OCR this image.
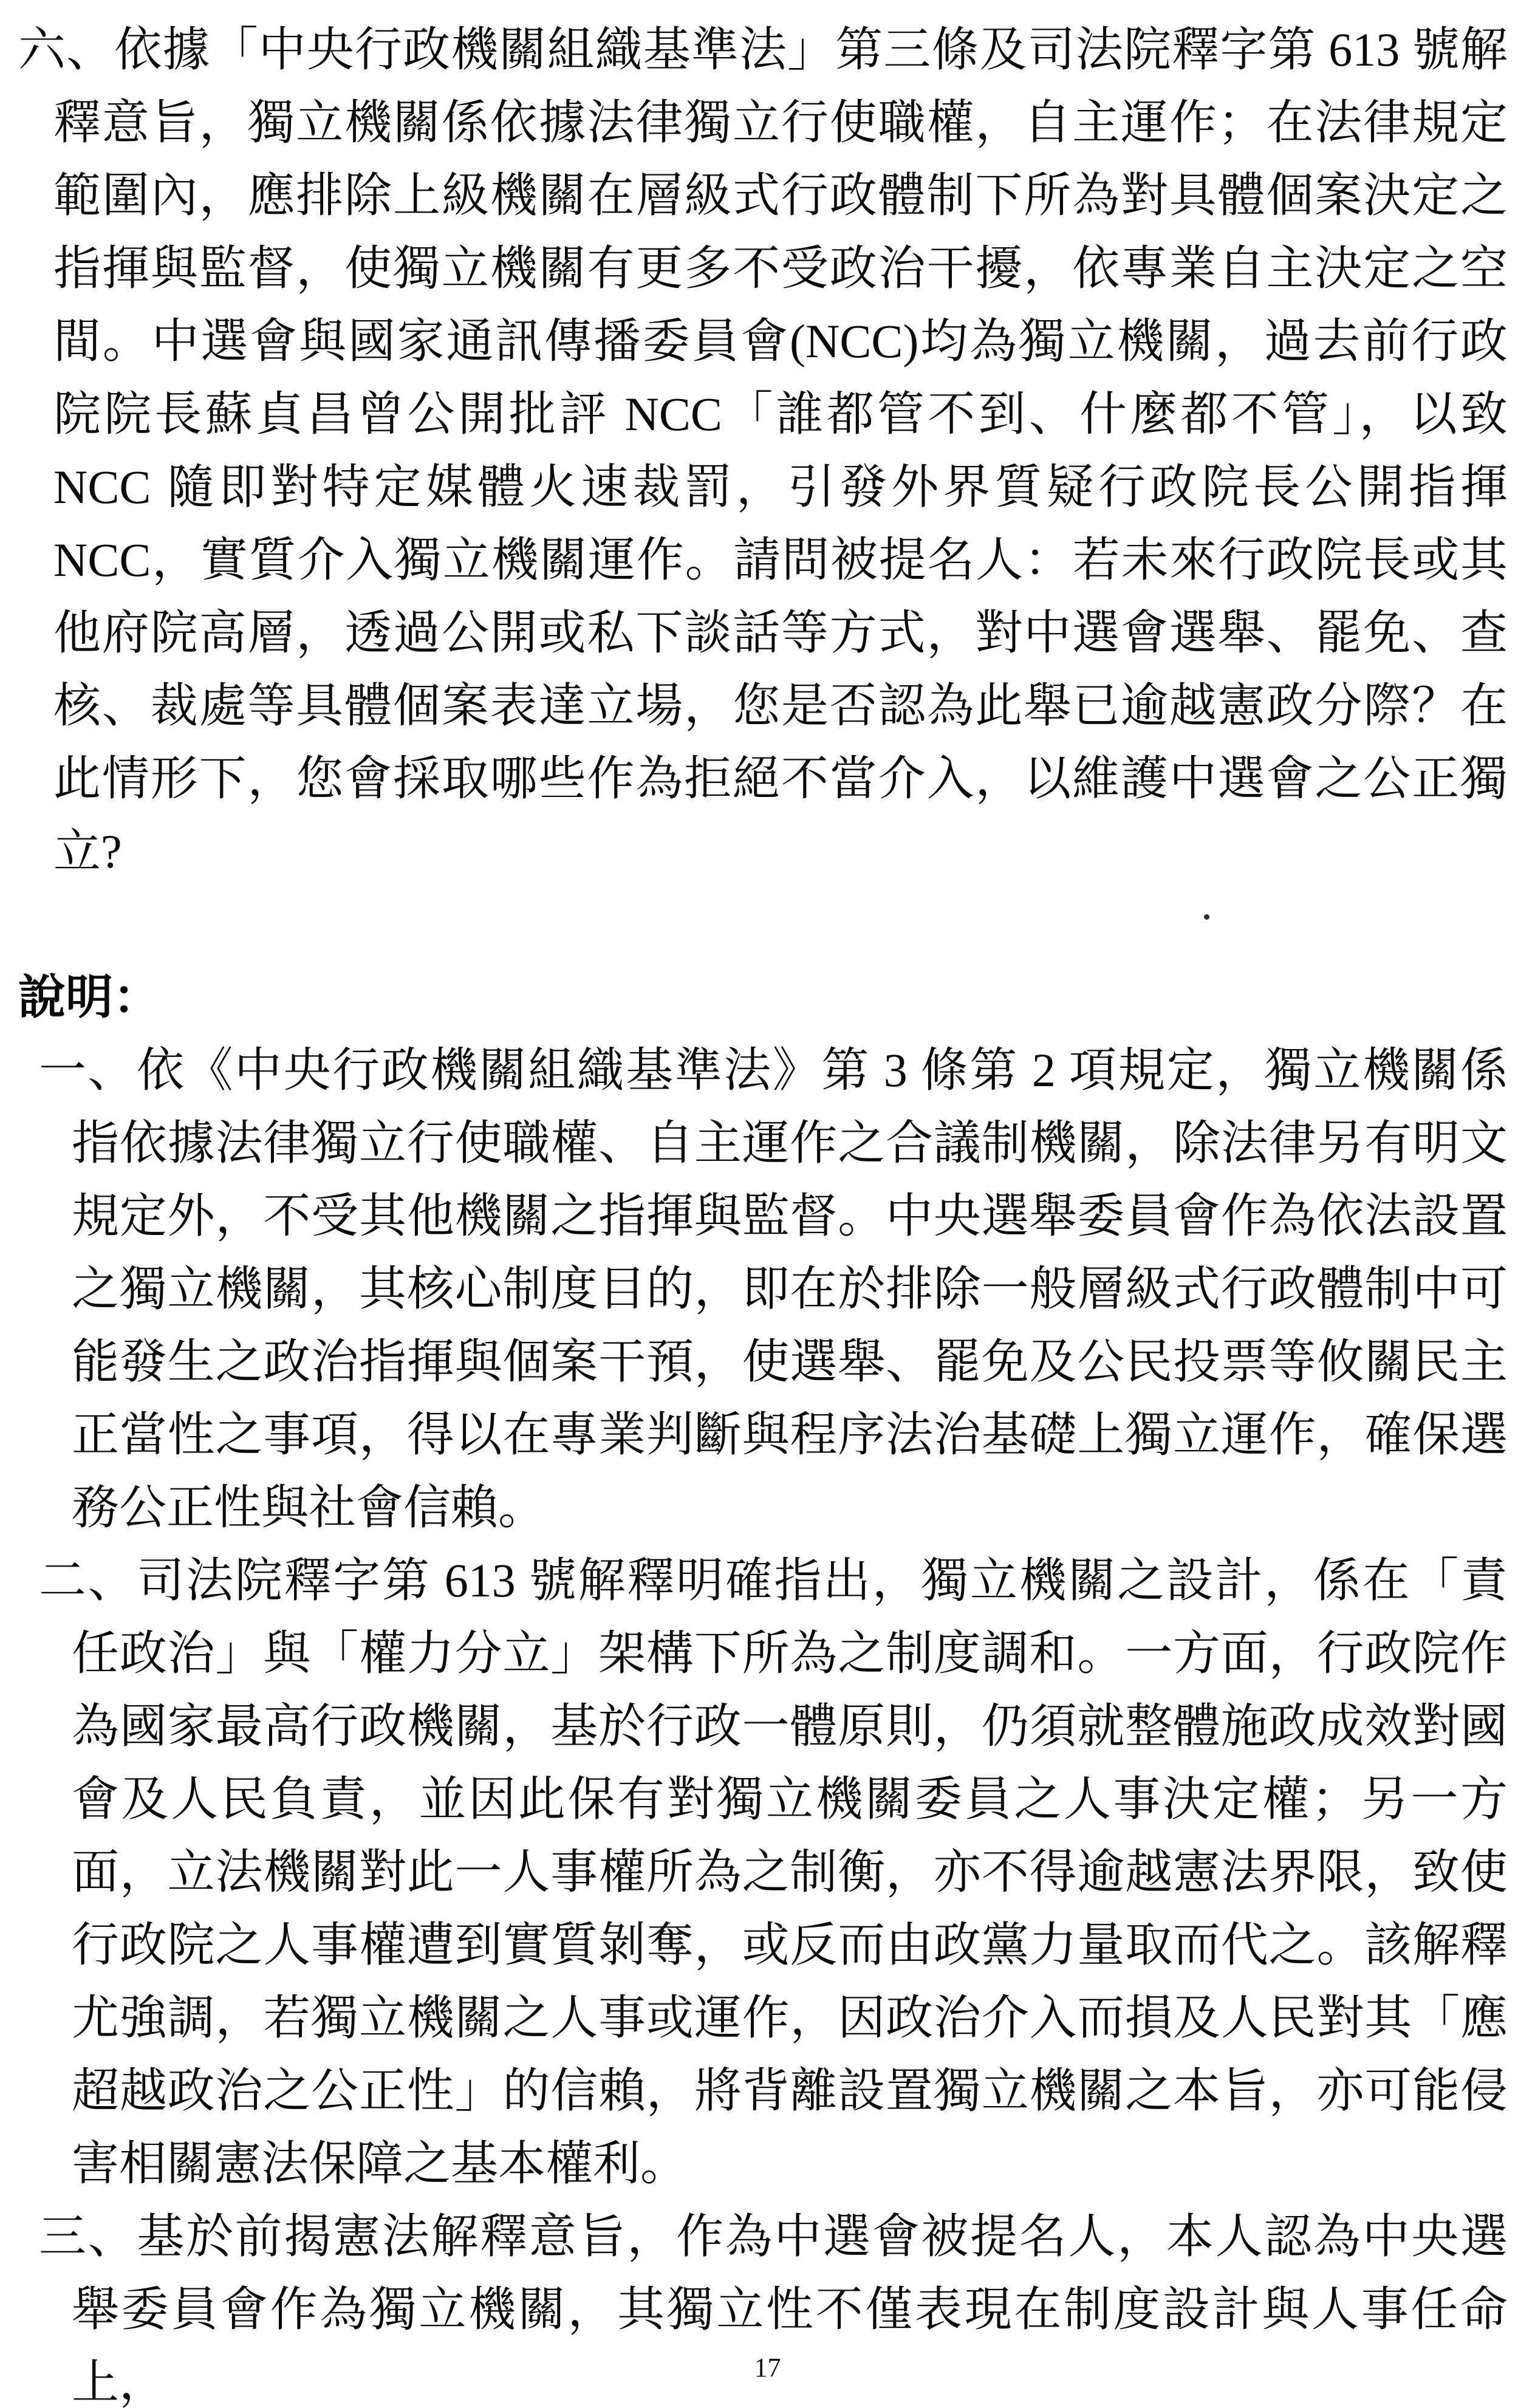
六、依據「中央行政機關組織基準法」第三條及司法院釋字第 613 號解釋意旨，獨立機關係依據法律獨立行使職權，自主運作；在法律規定範圍內，應排除上級機關在層級式行政體制下所為對具體個案決定之指揮與監督，使獨立機關有更多不受政治干擾，依專業自主決定之空間。中選會與國家通訊傳播委員會(NCC)均為獨立機關，過去前行政院院長蘇貞昌曾公開批評 NCC「誰都管不到、什麼都不管」，以致 NCC 隨即對特定媒體火速裁罰，引發外界質疑行政院長公開指揮 NCC，實質介入獨立機關運作。請問被提名人：若未來行政院長或其他府院高層，透過公開或私下談話等方式，對中選會選舉、罷免、查核、裁處等具體個案表達立場，您是否認為此舉已逾越憲政分際？在此情形下，您會採取哪些作為拒絕不當介入，以維護中選會之公正獨立?
說明：
一、依《中央行政機關組織基準法》第 3 條第 2 項規定，獨立機關係指依據法律獨立行使職權、自主運作之合議制機關，除法律另有明文規定外，不受其他機關之指揮與監督。中央選舉委員會作為依法設置之獨立機關，其核心制度目的，即在於排除一般層級式行政體制中可能發生之政治指揮與個案干預，使選舉、罷免及公民投票等攸關民主正當性之事項，得以在專業判斷與程序法治基礎上獨立運作，確保選務公正性與社會信賴。
二、司法院釋字第 613 號解釋明確指出，獨立機關之設計，係在「責任政治」與「權力分立」架構下所為之制度調和。一方面，行政院作為國家最高行政機關，基於行政一體原則，仍須就整體施政成效對國會及人民負責，並因此保有對獨立機關委員之人事決定權；另一方面，立法機關對此一人事權所為之制衡，亦不得逾越憲法界限，致使行政院之人事權遭到實質剝奪，或反而由政黨力量取而代之。該解釋尤強調，若獨立機關之人事或運作，因政治介入而損及人民對其「應超越政治之公正性」的信賴，將背離設置獨立機關之本旨，亦可能侵害相關憲法保障之基本權利。
三、基於前揭憲法解釋意旨，作為中選會被提名人，本人認為中央選舉委員會作為獨立機關，其獨立性不僅表現在制度設計與人事任命上，	17
